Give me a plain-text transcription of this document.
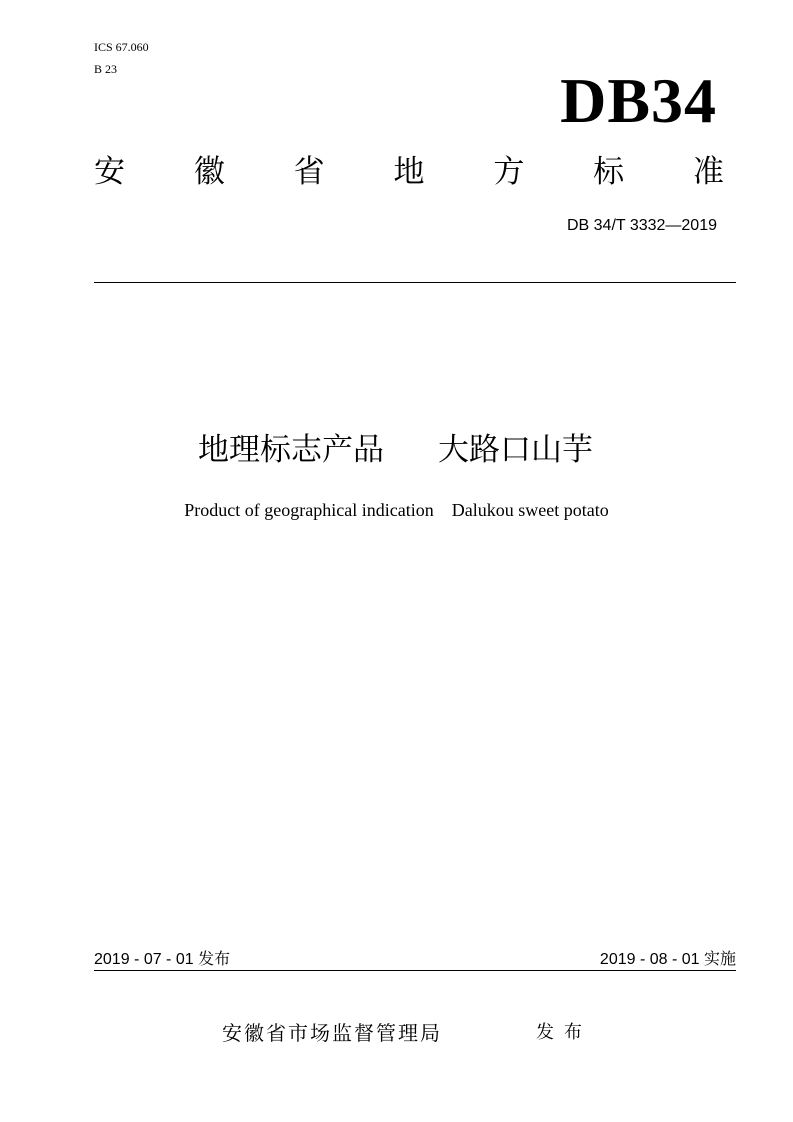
ICS 67.060
B 23	DB34
安 徽 省 地 方 标 准
DB 34/T 3332—2019
地理标志产品 大路口山芋
Product of geographical indication Dalukou sweet potato
2019 - 07 - 01 发布	2019 - 08 - 01 实施
安徽省市场监督管理局	发布
